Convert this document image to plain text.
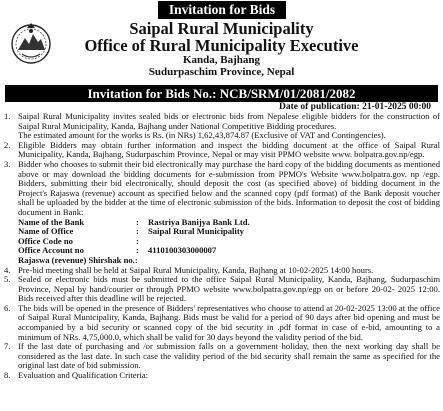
Invitation for Bids
Saipal Rural Municipality
Office of Rural Municipality Executive
Kanda, Bajhang
Sudurpaschim Province, Nepal
Invitation for Bids No.: NCB/SRM/01/2081/2082
Date of publication: 21-01-2025 00:00
1. Saipal Rural Municipality invites sealed bids or electronic bids from Nepalese eligible bidders for the construction of Saipal Rural Municipality, Kanda, Bajhang under National Competitive Bidding procedures.
The estimated amount for the works is Rs. (in NRs) 1,62,43,874.87 (Exclusive of VAT and Contingencies).
2. Eligible Bidders may obtain further information and inspect the bidding document at the office of Saipal Rural Municipality, Kanda, Bajhang, Sudurpaschim Province, Nepal or may visit PPMO website www. bolpatra.gov.np/egp.
3. Bidder who chooses to submit their bid electronically may purchase the hard copy of the bidding documents as mentioned above or may download the bidding documents for e-submission from PPMO's Website www.bolpatra.gov. np /egp. Bidders, submitting their bid electronically, should deposit the cost (as specified above) of bidding document in the Project's Rajaswa (revenue) account as specified below and the scanned copy (pdf format) of the Bank deposit voucher shall be uploaded by the bidder at the time of electronic submission of the bids. Information to deposit the cost of bidding document in Bank:
Name of the Bank	:	Rastriya Banijya Bank Ltd.
Name of Office	:	Saipal Rural Municipality
Office Code no	:
Office Account no	:	4110100303000007
Rajaswa (revenue) Shirshak no.:
4. Pre-bid meeting shall be held at Saipal Rural Municipality, Kanda, Bajhang at 10-02-2025 14:00 hours.
5. Sealed or electronic bids must be submitted to the office Saipal Rural Municipality, Kanda, Bajhang, Sudurpaschim Province, Nepal by hand/courier or through PPMO website www.bolpatra.gov.np/egp on or before 20-02- 2025 12:00. Bids received after this deadline will be rejected.
6. The bids will be opened in the presence of Bidders' representatives who choose to attend at 20-02-2025 13:00 at the office of Saipal Rural Municipality, Kanda, Bajhang. Bids must be valid for a period of 90 days after bid opening and must be accompanied by a bid security or scanned copy of the bid security in .pdf format in case of e-bid, amounting to a minimum of NRs. 4,75,000.0, which shall be valid for 30 days beyond the validity period of the bid.
7. If the last date of purchasing and /or submission falls on a government holiday, then the next working day shall be considered as the last date. In such case the validity period of the bid security shall remain the same as specified for the original last date of bid submission.
8. Evaluation and Qualification Criteria:
